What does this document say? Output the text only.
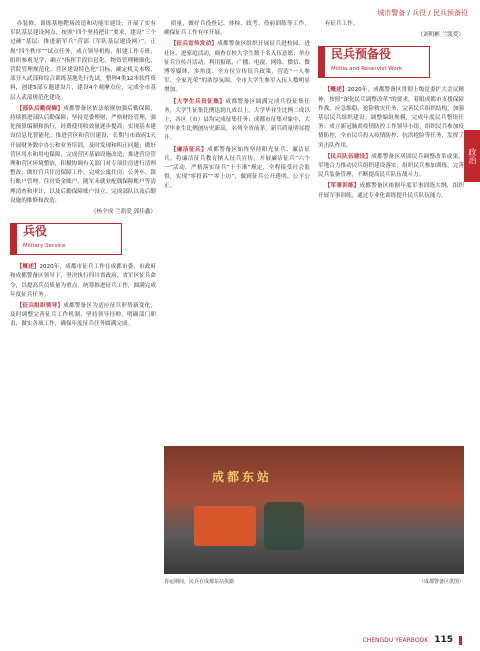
城市警备 / 兵役 / 民兵预备役
政治

办装修、训练基地靶场改造和功能室建设；开展了实有军队基层建设网点，按照“四个坚持把住”要求，建设“三个过硬”基层；推进新军兵“营部（军队基层建设网）”，正规“四个秩序”“试点任务，成立领导机构，组建工作专班，组织参观见学，确立“指挥手段信息化、物资管理精细化、营院管理规范化、营区建设特色化”目标，确定机关本级、部分人武部和综合训练基地先行先试，整理4类12本软件资料，创建5部专题建设片，建设4个观摩点位，完成全市基层人武部规范化建设。

【部队后勤保障】成都警备区依法依规加强后勤保障，持续推进部队后勤保障；坚持党委理财，严格财经管理，强化预算编制和执行，经费使用收效量逐步提高，实现基本建设信息化智能化；推进营区和营房建设，长期与市政府1天开展财务数中办公和业务培训，及时发现和纠正问题；做好营区用水和用电保障，完成营区基础设施改造；推进营房管理和营区环境整治，积极协调有关部门对专项住房进行清理整改；做好官兵住房保障工作，完成公寓住房、公务车、银行账户管理，住房资金账户、随军未就业配偶保障账户等清理清查和审计，以及后勤保障账户设立、完成部队以及后勤设施的维修和改造。

（杨全成 兰凯爱 郭佳鑫）

兵役
Military Service

【概述】2020年，成都市征兵工作在成都市委、市政府和成都警备区领导下，坚决执行四川省政府、省军区征兵命令，以提高兵员质量为重点，统筹推进征兵工作，圆满完成年度征兵任务。

【征兵组织领导】成都警备区为适应征兵形势新变化，及时调整完善征兵工作机制，坚持领导挂帅，明确部门职责，做实各项工作，确保年度征兵任务圆满完成。

质量，做好兵役登记、体检、政考、役前训练等工作，确保征兵工作有序开展。

【征兵宣传发动】成都警备区组织开展征兵进校园、进社区、进家庭活动，调查在校大学生数千名入伍意愿；举办征兵宣传月活动，利用报纸、广播、电视、网络、微信、微博等媒体，多角度、全方位宣传征兵政策，营造“一人参军、全家光荣”的浓厚氛围，全市大学生参军入伍人数明显增加。

【大学生兵员征集】成都警备区圆满完成兵役征集任务，大学生征集比例达到九成以上，大学毕业生比例二成以上，各区（市）县均完成征集任务；成都市征集对象中，大学毕业生比例创历史新高，名列全省前茅，新兵质量明显提升。

【廉洁征兵】成都警备区始终坚持阳光征兵、廉洁征兵，将廉洁征兵教育纳入征兵宣传，开展廉洁征兵“六个一”活动，严格落实征兵“十不准”规定，全程接受社会监督，实现“零投诉”“零上访”，做到征兵公开透明、公平公正。

有征兵工作。

（刘明彬 兰凯爱）

民兵预备役
Militia and Reservist Work

【概述】2020年，成都警备区贯彻上级党委扩大会议精神，按照“深化民兵调整改革”的要求，着眼成都市支援保障作战、应急维稳、抢险救灾任务，完善民兵组织结构，加强基层民兵组织建设；调整编组规模，完成年度民兵整组任务；成立新冠肺炎疫情防控工作领导小组，组织民兵参加疫情防控，全市民兵投入疫情防控、抗洪抢险等任务，发挥了突击队作用。

【民兵队伍建设】成都警备区巩固民兵调整改革成果，军地合力推动民兵组织建设落实；组织民兵参加训练，完善民兵装备管理，不断提高民兵队伍战斗力。

【军事训练】成都警备区依据年度军事训练大纲，组织开展军事训练，通过专业化训练提升民兵队伍能力。

成都东站
春运期间，民兵在成都东站执勤	（成都警备区供图）
CHENGDU YEARBOOK 115
